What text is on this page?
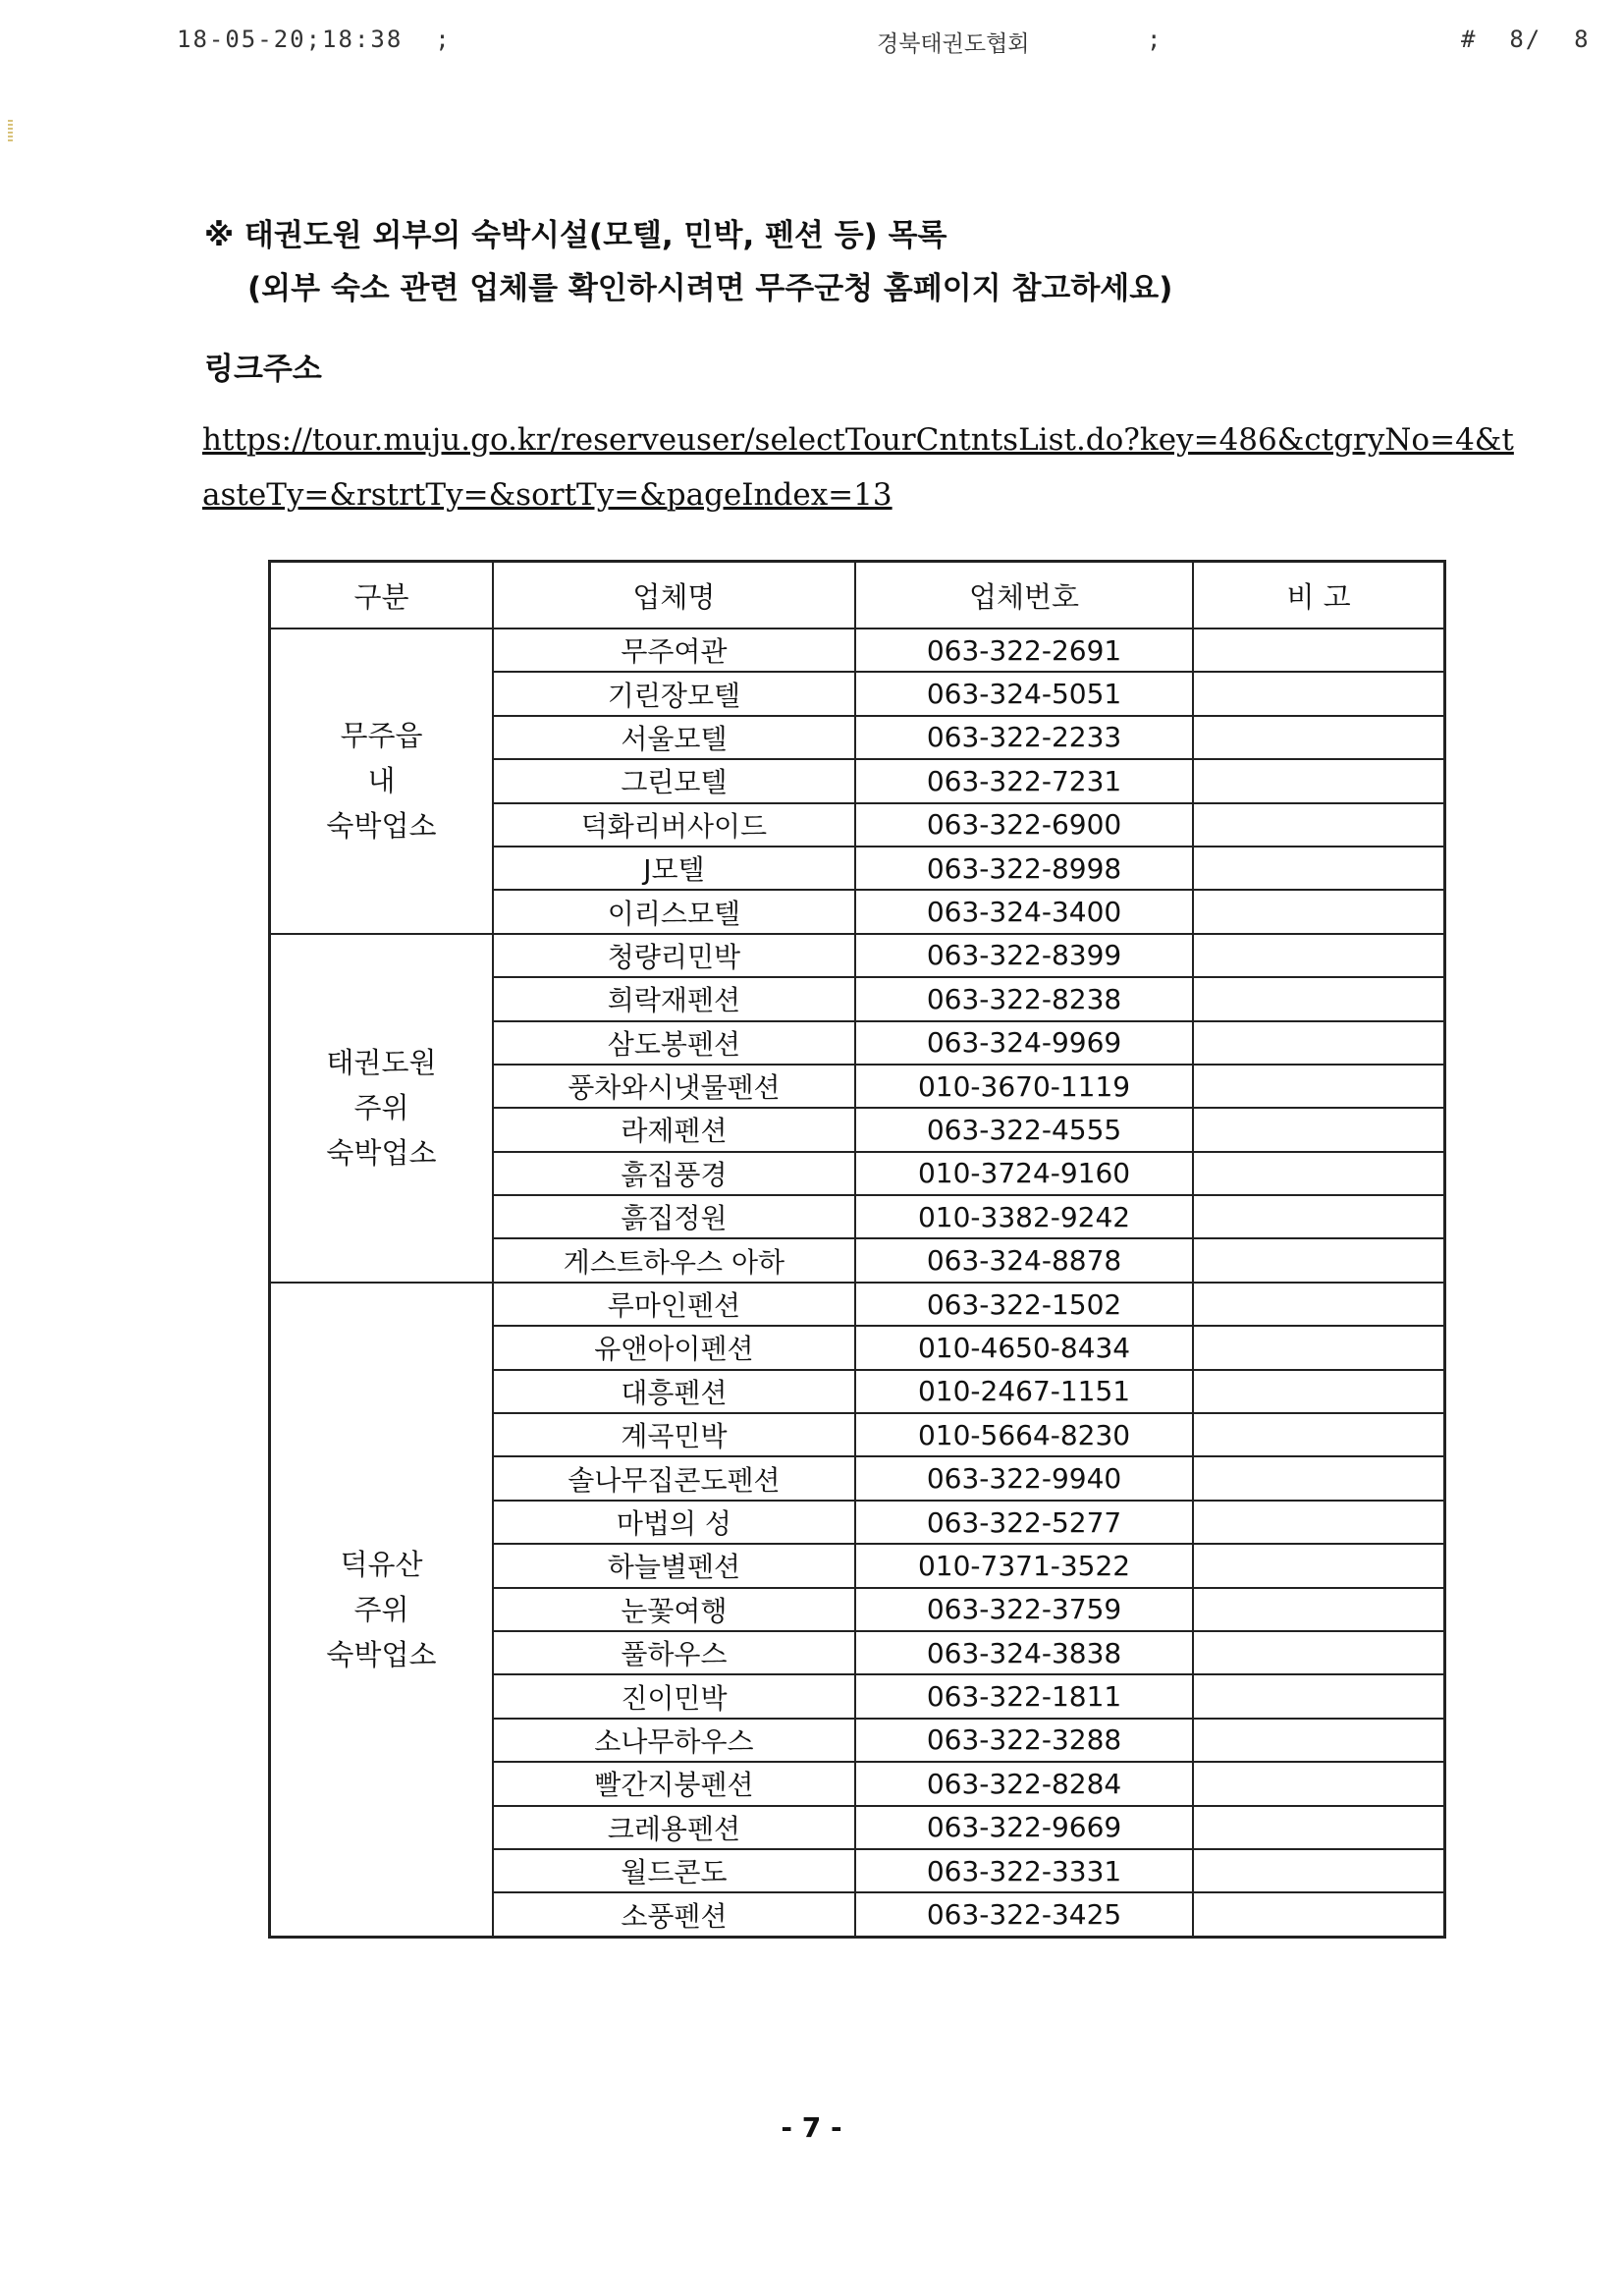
18-05-20;18:38  ;	경북태권도협회	;	#  8/  8
※ 태권도원 외부의 숙박시설(모텔, 민박, 펜션 등) 목록
(외부 숙소 관련 업체를 확인하시려면 무주군청 홈페이지 참고하세요)
링크주소
https://tour.muju.go.kr/reserveuser/selectTourCntntsList.do?key=486&ctgryNo=4&tasteTy=&rstrtTy=&sortTy=&pageIndex=13
구분	업체명	업체번호	비 고

무주읍
내
숙박업소	무주여관	063-322-2691	
	기린장모텔	063-324-5051	
	서울모텔	063-322-2233	
	그린모텔	063-322-7231	
	덕화리버사이드	063-322-6900	
	J모텔	063-322-8998	
	이리스모텔	063-324-3400	

태권도원
주위
숙박업소	청량리민박	063-322-8399	
	희락재펜션	063-322-8238	
	삼도봉펜션	063-324-9969	
	풍차와시냇물펜션	010-3670-1119	
	라제펜션	063-322-4555	
	흙집풍경	010-3724-9160	
	흙집정원	010-3382-9242	
	게스트하우스 아하	063-324-8878	

덕유산
주위
숙박업소	루마인펜션	063-322-1502	
	유앤아이펜션	010-4650-8434	
	대흥펜션	010-2467-1151	
	계곡민박	010-5664-8230	
	솔나무집콘도펜션	063-322-9940	
	마법의 성	063-322-5277	
	하늘별펜션	010-7371-3522	
	눈꽃여행	063-322-3759	
	풀하우스	063-324-3838	
	진이민박	063-322-1811	
	소나무하우스	063-322-3288	
	빨간지붕펜션	063-322-8284	
	크레용펜션	063-322-9669	
	월드콘도	063-322-3331	
	소풍펜션	063-322-3425	
- 7 -
